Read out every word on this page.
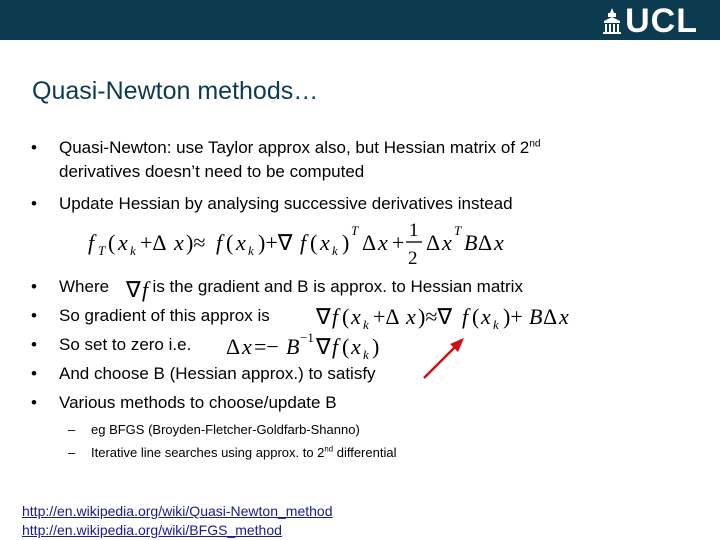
UCL
Quasi-Newton methods…
• Quasi-Newton: use Taylor approx also, but Hessian matrix of 2nd
derivatives doesn’t need to be computed
• Update Hessian by analysing successive derivatives instead
f T ( x k +Δ x )≈ f ( x k )+∇ f ( x k ) T Δ x + 1
2
Δ x T B Δ x
• Where	is the gradient and B is approx. to Hessian matrix
• So gradient of this approx is
• So set to zero i.e.
• And choose B (Hessian approx.) to satisfy
• Various methods to choose/update B
∇ f
∇ f ( x k +Δ x )≈∇ f ( x k )+ B Δ x
Δ x =− B −1 ∇ f ( x k )
– eg BFGS (Broyden-Fletcher-Goldfarb-Shanno)
– Iterative line searches using approx. to 2nd differential
http://en.wikipedia.org/wiki/Quasi-Newton_method
http://en.wikipedia.org/wiki/BFGS_method
